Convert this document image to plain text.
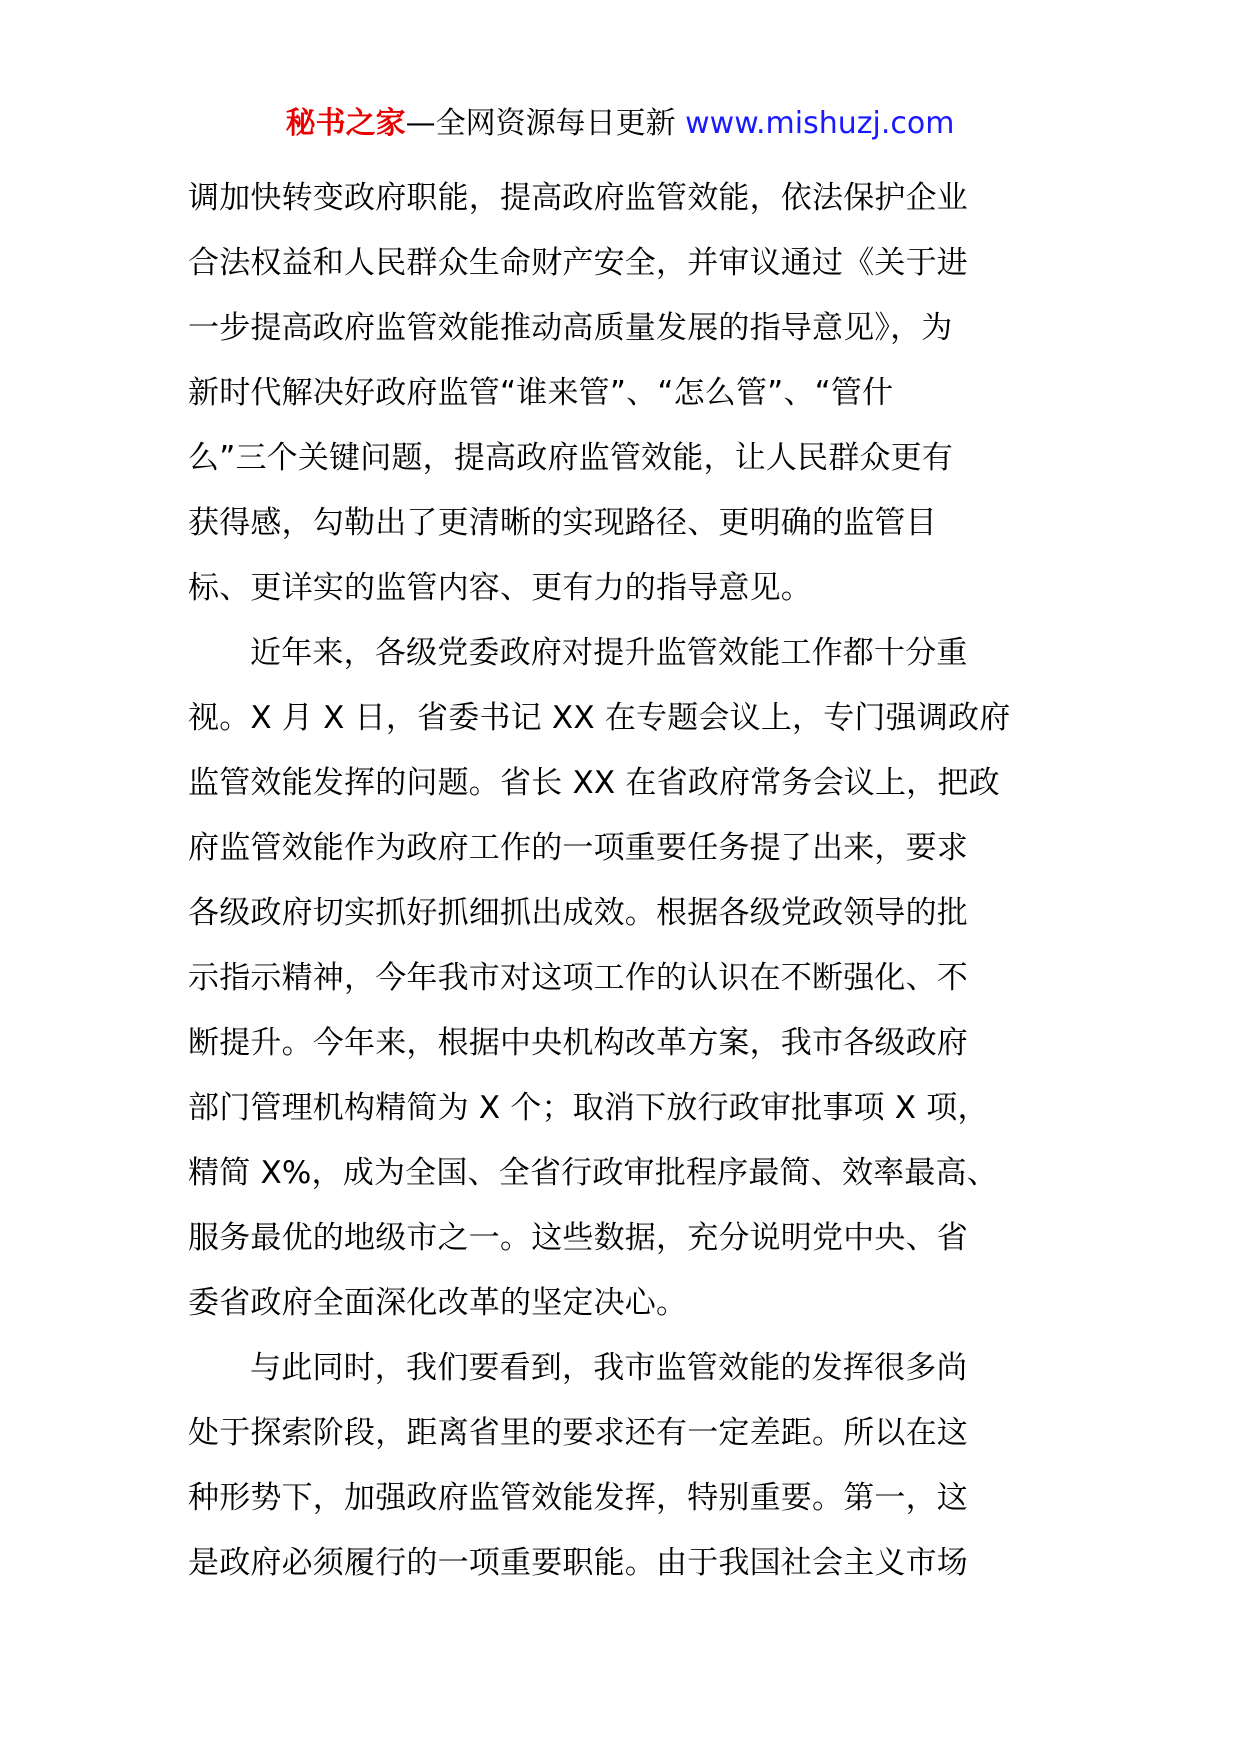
秘书之家—全网资源每日更新 www.mishuzj.com
调加快转变政府职能，提高政府监管效能，依法保护企业
合法权益和人民群众生命财产安全，并审议通过《关于进
一步提高政府监管效能推动高质量发展的指导意见》，为
新时代解决好政府监管“谁来管”、“怎么管”、“管什
么”三个关键问题，提高政府监管效能，让人民群众更有
获得感，勾勒出了更清晰的实现路径、更明确的监管目
标、更详实的监管内容、更有力的指导意见。
近年来，各级党委政府对提升监管效能工作都十分重
视。X 月 X 日，省委书记 XX 在专题会议上，专门强调政府
监管效能发挥的问题。省长 XX 在省政府常务会议上，把政
府监管效能作为政府工作的一项重要任务提了出来，要求
各级政府切实抓好抓细抓出成效。根据各级党政领导的批
示指示精神，今年我市对这项工作的认识在不断强化、不
断提升。今年来，根据中央机构改革方案，我市各级政府
部门管理机构精简为 X 个；取消下放行政审批事项 X 项，
精简 X%，成为全国、全省行政审批程序最简、效率最高、
服务最优的地级市之一。这些数据，充分说明党中央、省
委省政府全面深化改革的坚定决心。
与此同时，我们要看到，我市监管效能的发挥很多尚
处于探索阶段，距离省里的要求还有一定差距。所以在这
种形势下，加强政府监管效能发挥，特别重要。第一，这
是政府必须履行的一项重要职能。由于我国社会主义市场
